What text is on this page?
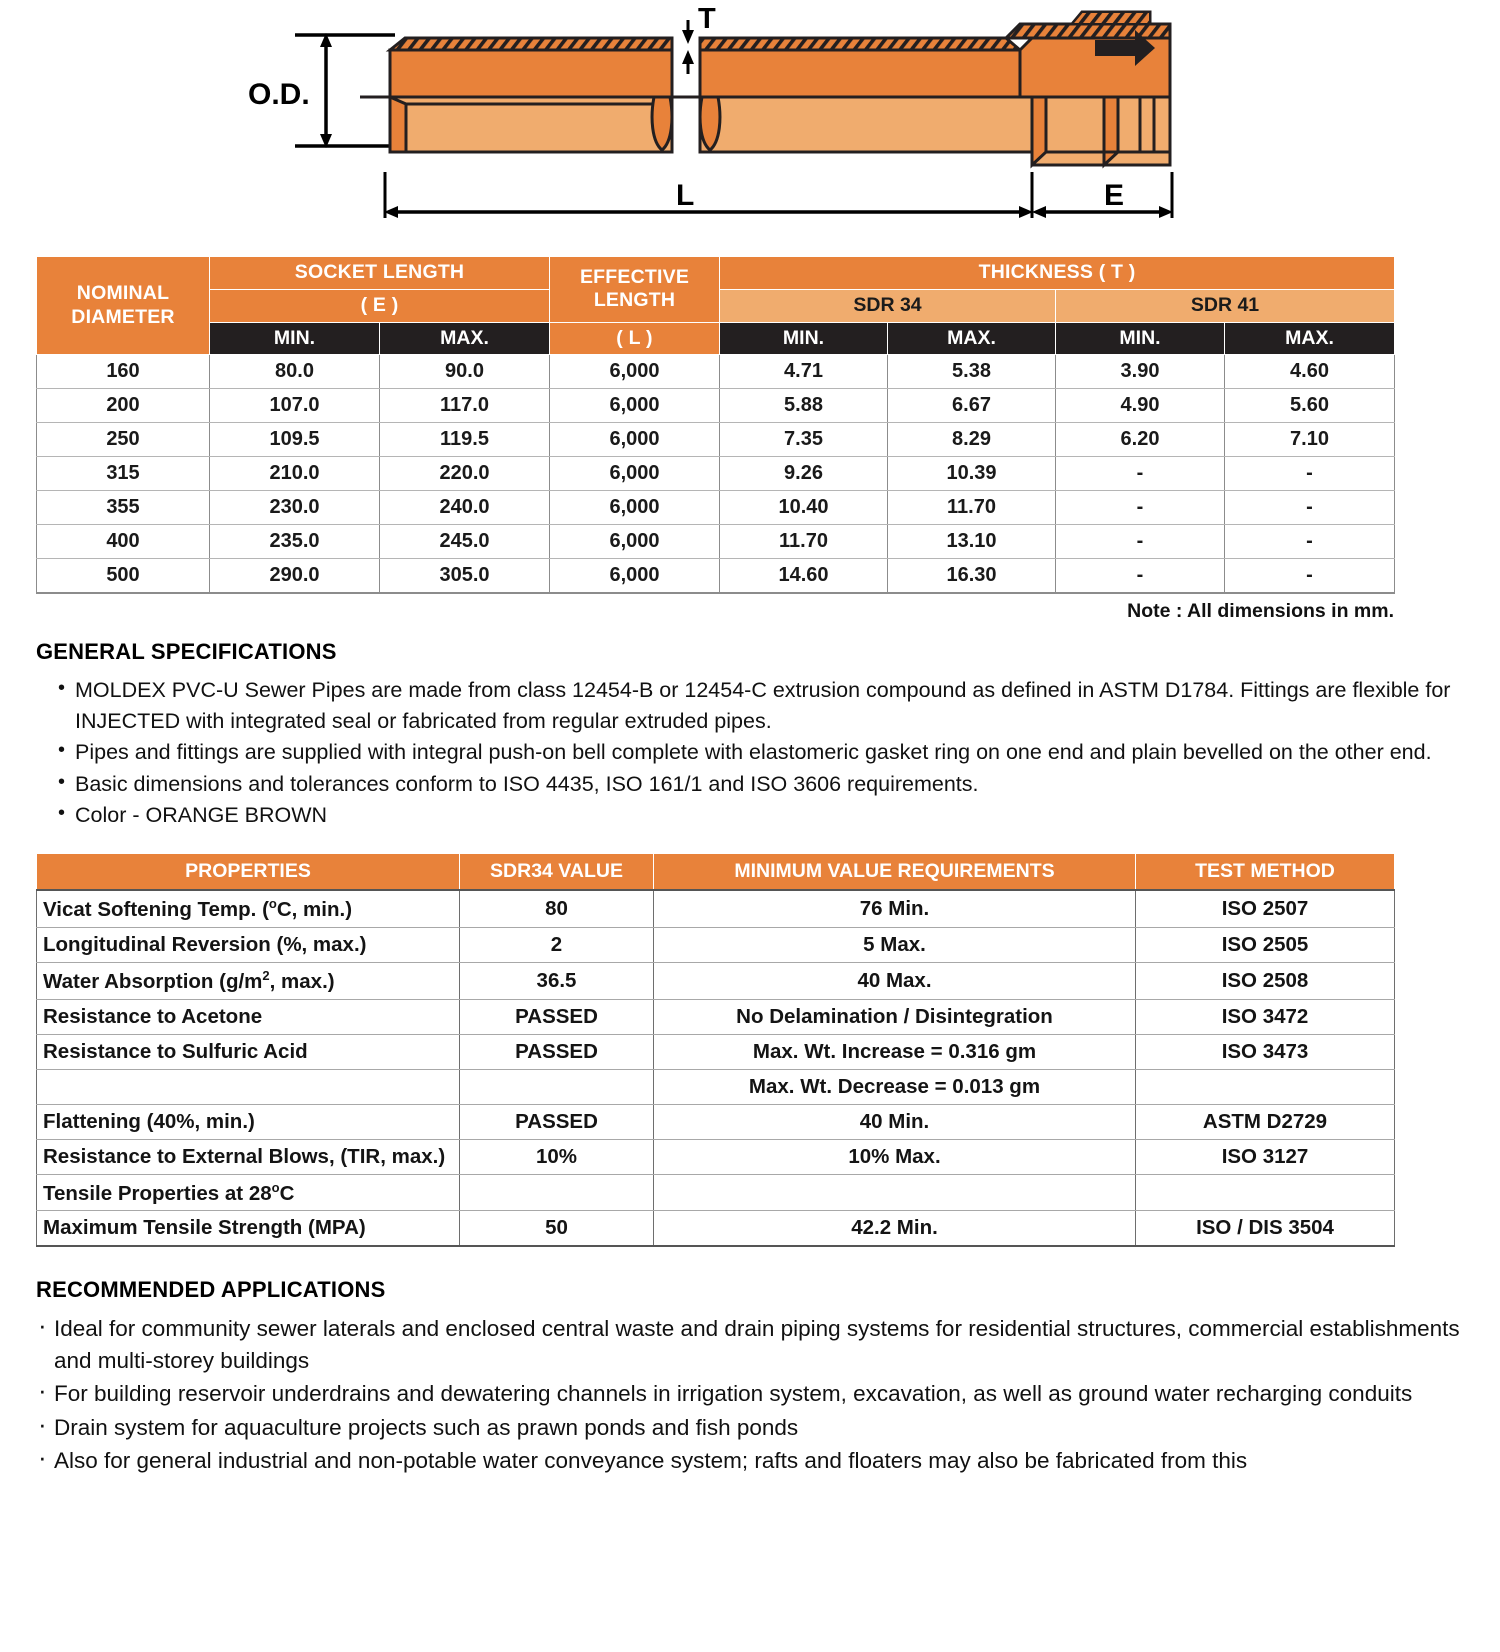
O.D.
T
L	E
NOMINAL
DIAMETER	SOCKET LENGTH		EFFECTIVE
LENGTH	THICKNESS ( T )			
	( E )			SDR 34		SDR 41	
	MIN.	MAX.	( L )	MIN.	MAX.	MIN.	MAX.
160	80.0	90.0	6,000	4.71	5.38	3.90	4.60
200	107.0	117.0	6,000	5.88	6.67	4.90	5.60
250	109.5	119.5	6,000	7.35	8.29	6.20	7.10
315	210.0	220.0	6,000	9.26	10.39	-	-
355	230.0	240.0	6,000	10.40	11.70	-	-
400	235.0	245.0	6,000	11.70	13.10	-	-
500	290.0	305.0	6,000	14.60	16.30	-	-
Note : All dimensions in mm.
GENERAL SPECIFICATIONS
• MOLDEX PVC-U Sewer Pipes are made from class 12454-B or 12454-C extrusion compound as defined in ASTM D1784. Fittings are flexible for INJECTED with integrated seal or fabricated from regular extruded pipes.
• Pipes and fittings are supplied with integral push-on bell complete with elastomeric gasket ring on one end and plain bevelled on the other end.
• Basic dimensions and tolerances conform to ISO 4435, ISO 161/1 and ISO 3606 requirements.
• Color - ORANGE BROWN
PROPERTIES	SDR34 VALUE	MINIMUM VALUE REQUIREMENTS	TEST METHOD
Vicat Softening Temp. ($^o$C, min.)	80	76 Min.	ISO 2507
Longitudinal Reversion (%, max.)	2	5 Max.	ISO 2505
Water Absorption ($g/m^2$, max.)	36.5	40 Max.	ISO 2508
Resistance to Acetone	PASSED	No Delamination / Disintegration	ISO 3472
Resistance to Sulfuric Acid	PASSED	Max. Wt. Increase = 0.316 gm	ISO 3473
		Max. Wt. Decrease = 0.013 gm	
Flattening (40%, min.)	PASSED	40 Min.	ASTM D2729
Resistance to External Blows, (TIR, max.)	10%	10% Max.	ISO 3127
Tensile Properties at 28$^o$C			
Maximum Tensile Strength (MPA)	50	42.2 Min.	ISO / DIS 3504
RECOMMENDED APPLICATIONS
· Ideal for community sewer laterals and enclosed central waste and drain piping systems for residential structures, commercial establishments and multi-storey buildings
· For building reservoir underdrains and dewatering channels in irrigation system, excavation, as well as ground water recharging conduits
· Drain system for aquaculture projects such as prawn ponds and fish ponds
· Also for general industrial and non-potable water conveyance system; rafts and floaters may also be fabricated from this
